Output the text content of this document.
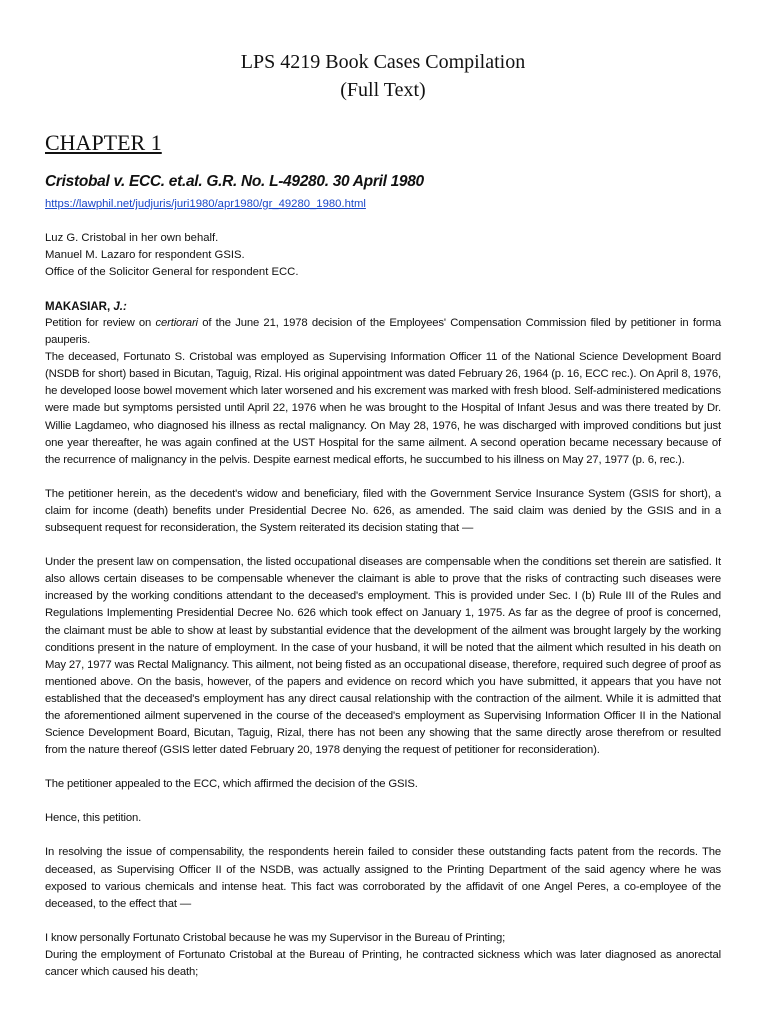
LPS 4219 Book Cases Compilation
(Full Text)
CHAPTER 1
Cristobal v. ECC. et.al. G.R. No. L-49280. 30 April 1980
https://lawphil.net/judjuris/juri1980/apr1980/gr_49280_1980.html
Luz G. Cristobal in her own behalf.
Manuel M. Lazaro for respondent GSIS.
Office of the Solicitor General for respondent ECC.
MAKASIAR, J.:

Petition for review on certiorari of the June 21, 1978 decision of the Employees' Compensation Commission filed by petitioner in forma pauperis.

The deceased, Fortunato S. Cristobal was employed as Supervising Information Officer 11 of the National Science Development Board (NSDB for short) based in Bicutan, Taguig, Rizal. His original appointment was dated February 26, 1964 (p. 16, ECC rec.). On April 8, 1976, he developed loose bowel movement which later worsened and his excrement was marked with fresh blood. Self-administered medications were made but symptoms persisted until April 22, 1976 when he was brought to the Hospital of Infant Jesus and was there treated by Dr. Willie Lagdameo, who diagnosed his illness as rectal malignancy. On May 28, 1976, he was discharged with improved conditions but just one year thereafter, he was again confined at the UST Hospital for the same ailment. A second operation became necessary because of the recurrence of malignancy in the pelvis. Despite earnest medical efforts, he succumbed to his illness on May 27, 1977 (p. 6, rec.).

The petitioner herein, as the decedent's widow and beneficiary, filed with the Government Service Insurance System (GSIS for short), a claim for income (death) benefits under Presidential Decree No. 626, as amended. The said claim was denied by the GSIS and in a subsequent request for reconsideration, the System reiterated its decision stating that —

Under the present law on compensation, the listed occupational diseases are compensable when the conditions set therein are satisfied. It also allows certain diseases to be compensable whenever the claimant is able to prove that the risks of contracting such diseases were increased by the working conditions attendant to the deceased's employment. This is provided under Sec. I (b) Rule III of the Rules and Regulations Implementing Presidential Decree No. 626 which took effect on January 1, 1975. As far as the degree of proof is concerned, the claimant must be able to show at least by substantial evidence that the development of the ailment was brought largely by the working conditions present in the nature of employment. In the case of your husband, it will be noted that the ailment which resulted in his death on May 27, 1977 was Rectal Malignancy. This ailment, not being fisted as an occupational disease, therefore, required such degree of proof as mentioned above. On the basis, however, of the papers and evidence on record which you have submitted, it appears that you have not established that the deceased's employment has any direct causal relationship with the contraction of the ailment. While it is admitted that the aforementioned ailment supervened in the course of the deceased's employment as Supervising Information Officer II in the National Science Development Board, Bicutan, Taguig, Rizal, there has not been any showing that the same directly arose therefrom or resulted from the nature thereof (GSIS letter dated February 20, 1978 denying the request of petitioner for reconsideration).

The petitioner appealed to the ECC, which affirmed the decision of the GSIS.

Hence, this petition.

In resolving the issue of compensability, the respondents herein failed to consider these outstanding facts patent from the records. The deceased, as Supervising Officer II of the NSDB, was actually assigned to the Printing Department of the said agency where he was exposed to various chemicals and intense heat. This fact was corroborated by the affidavit of one Angel Peres, a co-employee of the deceased, to the effect that —

I know personally Fortunato Cristobal because he was my Supervisor in the Bureau of Printing;

During the employment of Fortunato Cristobal at the Bureau of Printing, he contracted sickness which was later diagnosed as anorectal cancer which caused his death;
